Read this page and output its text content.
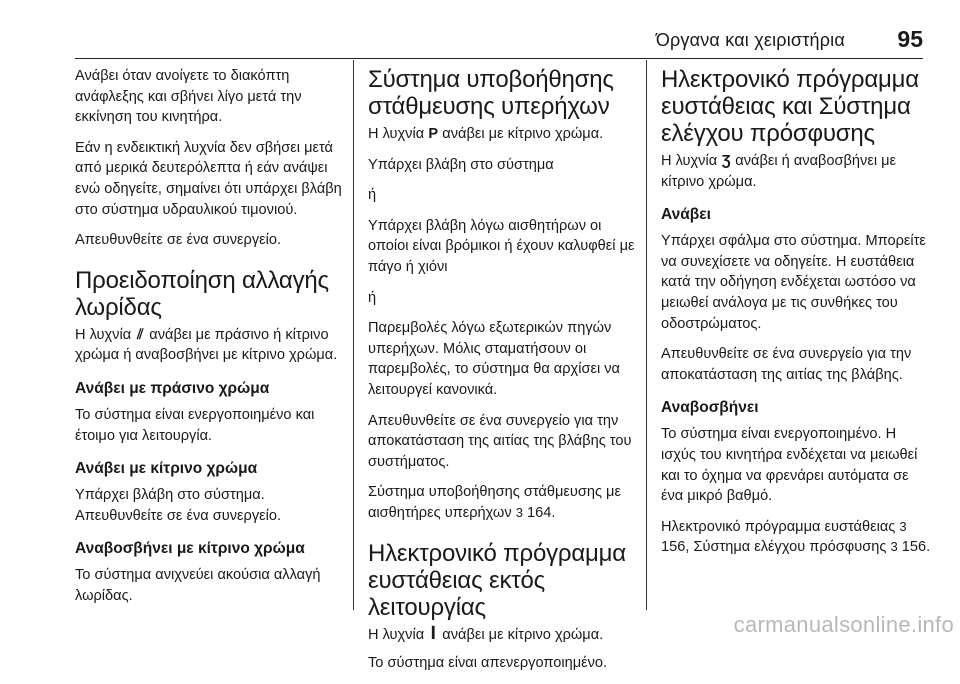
Όργανα και χειριστήρια 95

Ανάβει όταν ανοίγετε το διακόπτη ανάφλεξης και σβήνει λίγο μετά την εκκίνηση του κινητήρα.

Εάν η ενδεικτική λυχνία δεν σβήσει μετά από μερικά δευτερόλεπτα ή εάν ανάψει ενώ οδηγείτε, σημαίνει ότι υπάρχει βλάβη στο σύστημα υδραυλικού τιμονιού.

Απευθυνθείτε σε ένα συνεργείο.

Προειδοποίηση αλλαγής λωρίδας

Η λυχνία ⫽ ανάβει με πράσινο ή κίτρινο χρώμα ή αναβοσβήνει με κίτρινο χρώμα.

Ανάβει με πράσινο χρώμα

Το σύστημα είναι ενεργοποιημένο και έτοιμο για λειτουργία.

Ανάβει με κίτρινο χρώμα

Υπάρχει βλάβη στο σύστημα. Απευθυνθείτε σε ένα συνεργείο.

Αναβοσβήνει με κίτρινο χρώμα

Το σύστημα ανιχνεύει ακούσια αλλαγή λωρίδας.

Σύστημα υποβοήθησης στάθμευσης υπερήχων

Η λυχνία P ανάβει με κίτρινο χρώμα.

Υπάρχει βλάβη στο σύστημα

ή

Υπάρχει βλάβη λόγω αισθητήρων οι οποίοι είναι βρόμικοι ή έχουν καλυφθεί με πάγο ή χιόνι

ή

Παρεμβολές λόγω εξωτερικών πηγών υπερήχων. Μόλις σταματήσουν οι παρεμβολές, το σύστημα θα αρχίσει να λειτουργεί κανονικά.

Απευθυνθείτε σε ένα συνεργείο για την αποκατάσταση της αιτίας της βλάβης του συστήματος.

Σύστημα υποβοήθησης στάθμευσης με αισθητήρες υπερήχων 3 164.

Ηλεκτρονικό πρόγραμμα ευστάθειας εκτός λειτουργίας

Η λυχνία ꟾ ανάβει με κίτρινο χρώμα.

Το σύστημα είναι απενεργοποιημένο.

Ηλεκτρονικό πρόγραμμα ευστάθειας και Σύστημα ελέγχου πρόσφυσης

Η λυχνία Ʒ ανάβει ή αναβοσβήνει με κίτρινο χρώμα.

Ανάβει

Υπάρχει σφάλμα στο σύστημα. Μπορείτε να συνεχίσετε να οδηγείτε. Η ευστάθεια κατά την οδήγηση ενδέχεται ωστόσο να μειωθεί ανάλογα με τις συνθήκες του οδοστρώματος.

Απευθυνθείτε σε ένα συνεργείο για την αποκατάσταση της αιτίας της βλάβης.

Αναβοσβήνει

Το σύστημα είναι ενεργοποιημένο. Η ισχύς του κινητήρα ενδέχεται να μειωθεί και το όχημα να φρενάρει αυτόματα σε ένα μικρό βαθμό.

Ηλεκτρονικό πρόγραμμα ευστάθειας 3 156, Σύστημα ελέγχου πρόσφυσης 3 156.

carmanualsonline.info
